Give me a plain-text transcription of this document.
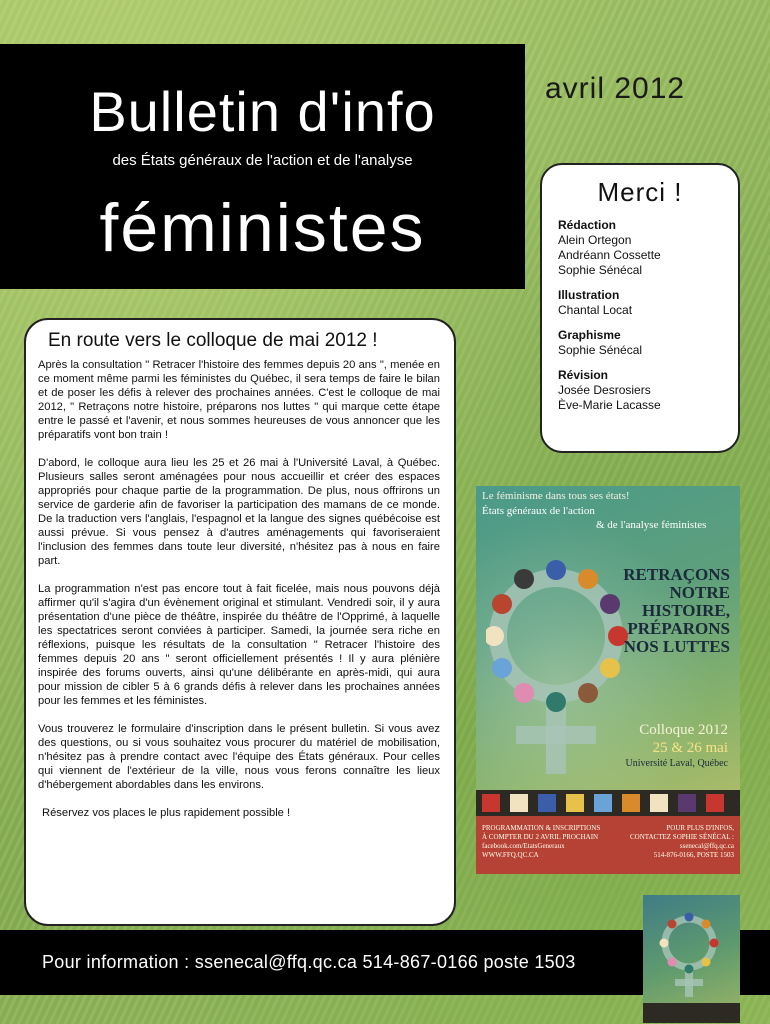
Bulletin d'info
des États généraux de l'action et de l'analyse
féministes
avril 2012
Merci !
Rédaction
Alein Ortegon
Andréann Cossette
Sophie Sénécal
Illustration
Chantal Locat
Graphisme
Sophie Sénécal
Révision
Josée Desrosiers
Ève-Marie Lacasse
En route vers le colloque de mai 2012 !

Après la consultation " Retracer l'histoire des femmes depuis 20 ans ", menée en ce moment même parmi les féministes du Québec, il sera temps de faire le bilan et de poser les défis à relever des prochaines années. C'est le colloque de mai 2012, " Retraçons notre histoire, préparons nos luttes " qui marque cette étape entre le passé et l'avenir, et nous sommes heureuses de vous annoncer que les préparatifs vont bon train !

D'abord, le colloque aura lieu les 25 et 26 mai à l'Université Laval, à Québec. Plusieurs salles seront aménagées pour nous accueillir et créer des espaces appropriés pour chaque partie de la programmation. De plus, nous offrirons un service de garderie afin de favoriser la participation des mamans de ce monde. De la traduction vers l'anglais, l'espagnol et la langue des signes québécoise est aussi prévue. Si vous pensez à d'autres aménagements qui favoriseraient l'inclusion des femmes dans toute leur diversité, n'hésitez pas à nous en faire part.

La programmation n'est pas encore tout à fait ficelée, mais nous pouvons déjà affirmer qu'il s'agira d'un évènement original et stimulant. Vendredi soir, il y aura présentation d'une pièce de théâtre, inspirée du théâtre de l'Opprimé, à laquelle les spectatrices seront conviées à participer. Samedi, la journée sera riche en réflexions, puisque les résultats de la consultation " Retracer l'histoire des femmes depuis 20 ans " seront officiellement présentés ! Il y aura plénière inspirée des forums ouverts, ainsi qu'une délibérante en après-midi, qui aura pour mission de cibler 5 à 6 grands défis à relever dans les prochaines années pour les femmes et les féministes.

Vous trouverez le formulaire d'inscription dans le présent bulletin. Si vous avez des questions, ou si vous souhaitez vous procurer du matériel de mobilisation, n'hésitez pas à prendre contact avec l'équipe des États généraux. Pour celles qui viennent de l'extérieur de la ville, nous vous ferons connaître les lieux d'hébergement abordables dans les environs.

Réservez vos places le plus rapidement possible !

Le féminisme dans tous ses états!
États généraux de l'action
& de l'analyse féministes
RETRAÇONS
NOTRE
HISTOIRE,
PRÉPARONS
NOS LUTTES
Colloque 2012
25 & 26 mai
Université Laval, Québec
PROGRAMMATION & INSCRIPTIONS
À COMPTER DU 2 AVRIL PROCHAIN
facebook.com/EtatsGeneraux
WWW.FFQ.QC.CA
POUR PLUS D'INFOS,
CONTACTEZ SOPHIE SÉNÉCAL :
ssenecal@ffq.qc.ca
514-876-0166, POSTE 1503
Pour information : ssenecal@ffq.qc.ca 514-867-0166 poste 1503
